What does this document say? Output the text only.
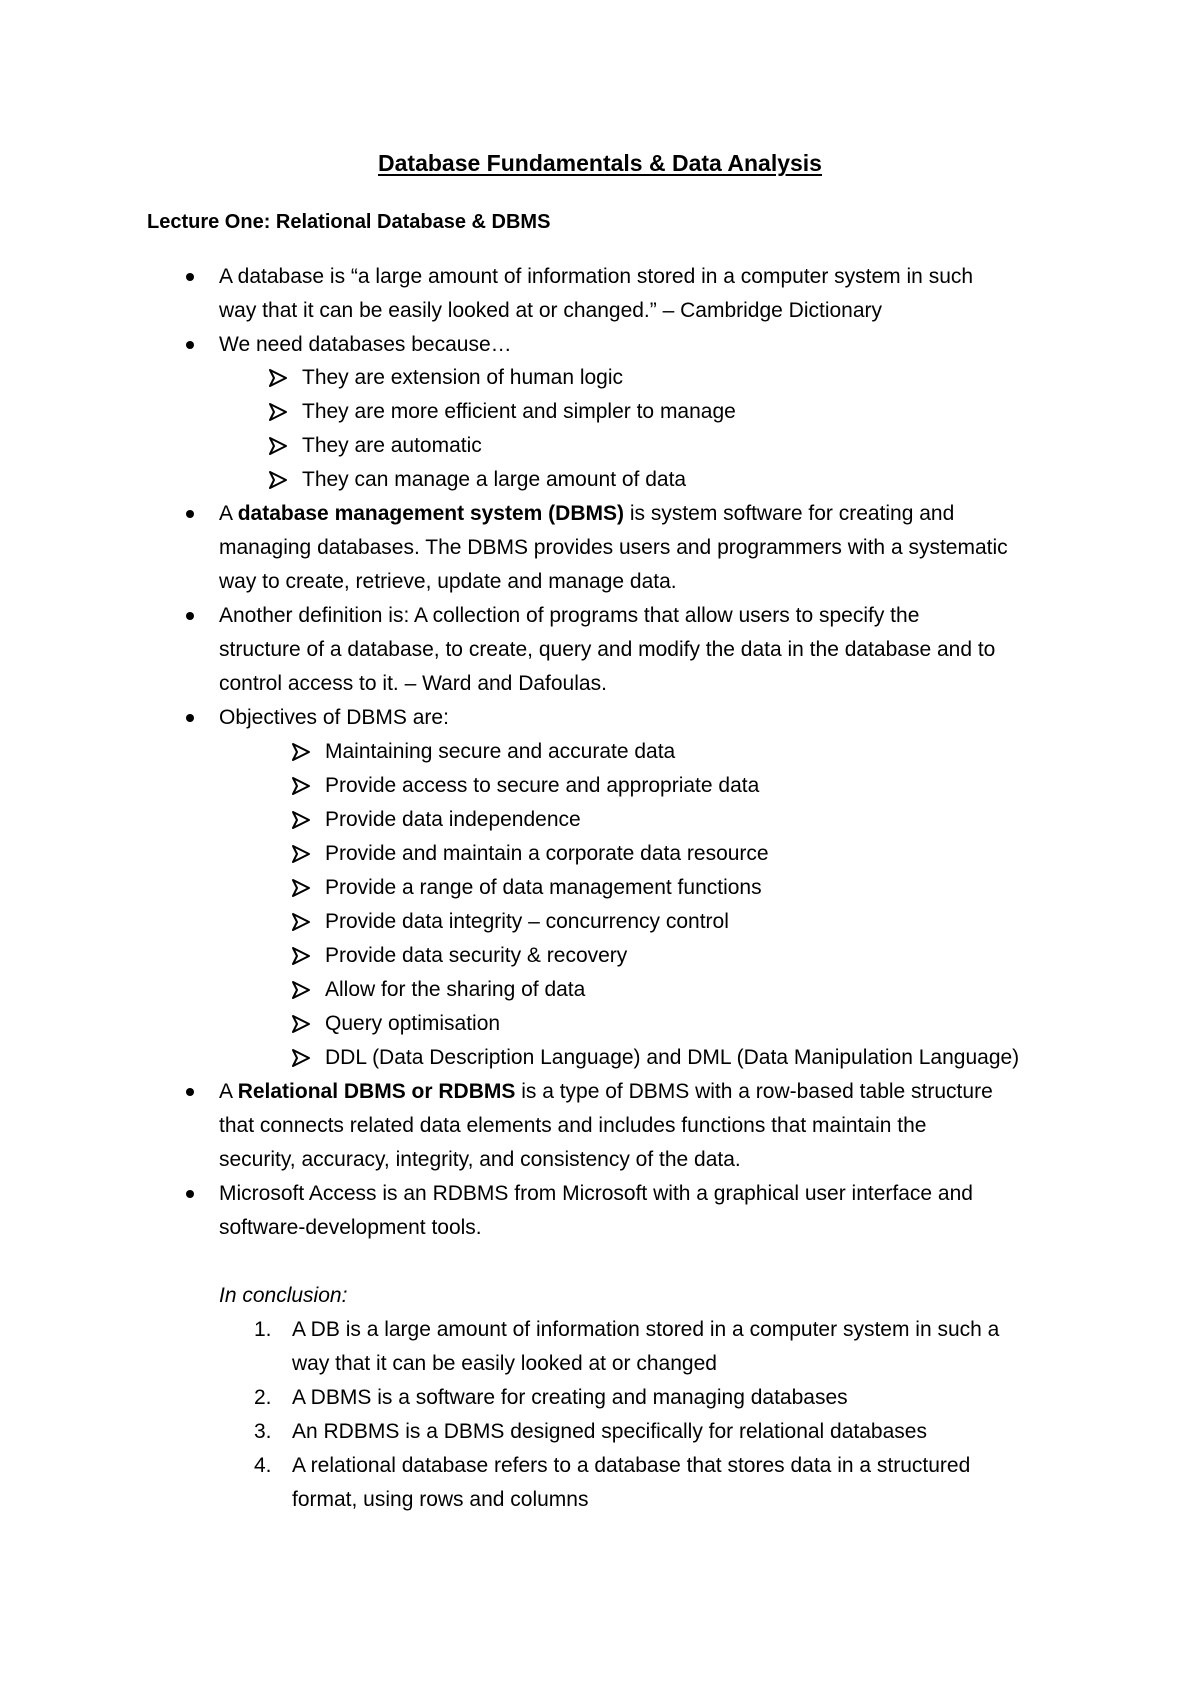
Database Fundamentals & Data Analysis
Lecture One: Relational Database & DBMS
A database is “a large amount of information stored in a computer system in such
way that it can be easily looked at or changed.” – Cambridge Dictionary
We need databases because…
They are extension of human logic
They are more efficient and simpler to manage
They are automatic
They can manage a large amount of data
A database management system (DBMS) is system software for creating and
managing databases. The DBMS provides users and programmers with a systematic
way to create, retrieve, update and manage data.
Another definition is: A collection of programs that allow users to specify the
structure of a database, to create, query and modify the data in the database and to
control access to it. – Ward and Dafoulas.
Objectives of DBMS are:
Maintaining secure and accurate data
Provide access to secure and appropriate data
Provide data independence
Provide and maintain a corporate data resource
Provide a range of data management functions
Provide data integrity – concurrency control
Provide data security & recovery
Allow for the sharing of data
Query optimisation
DDL (Data Description Language) and DML (Data Manipulation Language)
A Relational DBMS or RDBMS is a type of DBMS with a row-based table structure
that connects related data elements and includes functions that maintain the
security, accuracy, integrity, and consistency of the data.
Microsoft Access is an RDBMS from Microsoft with a graphical user interface and
software-development tools.
In conclusion:
1. A DB is a large amount of information stored in a computer system in such a
way that it can be easily looked at or changed
2. A DBMS is a software for creating and managing databases
3. An RDBMS is a DBMS designed specifically for relational databases
4. A relational database refers to a database that stores data in a structured
format, using rows and columns
